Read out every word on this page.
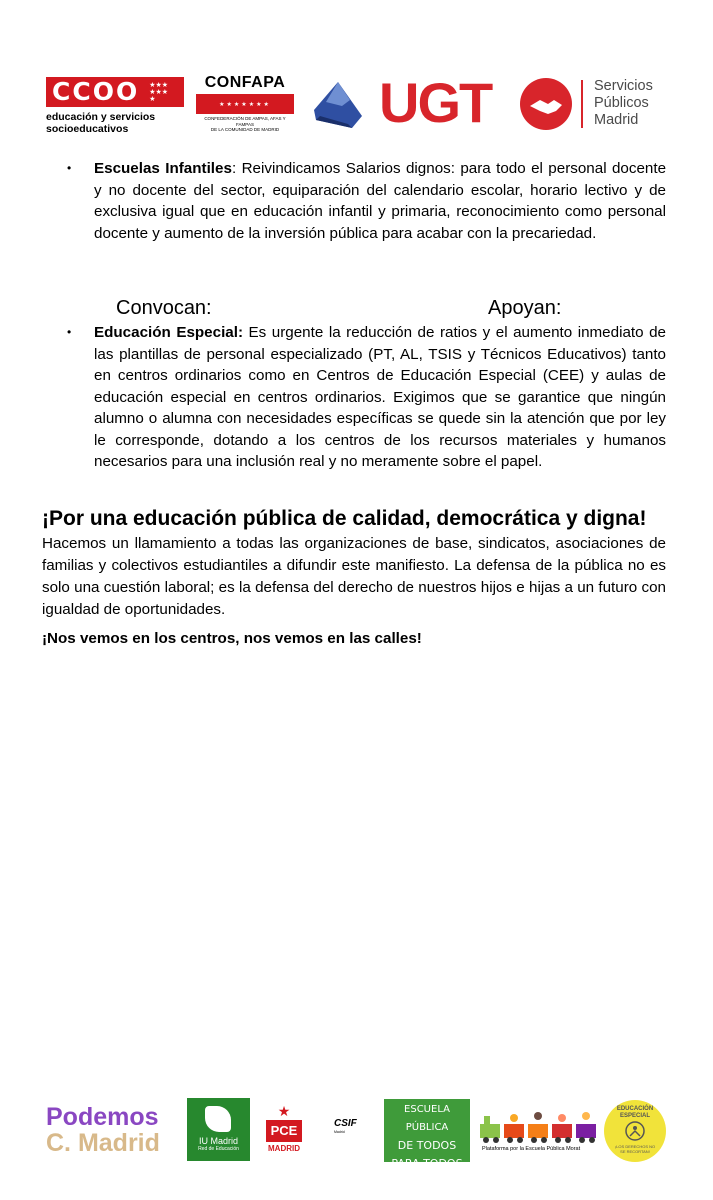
CCOO ★★★★★★★
educación y servicios
socioeducativos
CONFAPA
★★★★★★★
CONFEDERACIÓN DE AMPAS, AFAS Y FAMPAS
DE LA COMUNIDAD DE MADRID UGT	Servicios
Públicos
Madrid
• Escuelas Infantiles: Reivindicamos Salarios dignos: para todo el personal docente y no docente del sector, equiparación del calendario escolar, horario lectivo y de exclusiva igual que en educación infantil y primaria, reconocimiento como personal docente y aumento de la inversión pública para acabar con la precariedad.
Convocan:	Apoyan:
• Educación Especial: Es urgente la reducción de ratios y el aumento inmediato de las plantillas de personal especializado (PT, AL, TSIS y Técnicos Educativos) tanto en centros ordinarios como en Centros de Educación Especial (CEE) y aulas de educación especial en centros ordinarios. Exigimos que se garantice que ningún alumno o alumna con necesidades específicas se quede sin la atención que por ley le corresponde, dotando a los centros de los recursos materiales y humanos necesarios para una inclusión real y no meramente sobre el papel.
¡Por una educación pública de calidad, democrática y digna!
Hacemos un llamamiento a todas las organizaciones de base, sindicatos, asociaciones de familias y colectivos estudiantiles a difundir este manifiesto. La defensa de la pública no es solo una cuestión laboral; es la defensa del derecho de nuestros hijos e hijas a un futuro con igualdad de oportunidades.
¡Nos vemos en los centros, nos vemos en las calles!
Podemos
C. Madrid	IU Madrid
Red de Educación
★
PCE
MADRID
CSIF
Madrid
ESCUELA PÚBLICA
DE TODOS
PARA TODOS
Plataforma por la Escuela Pública Morat
EDUCACIÓN ESPECIAL
¡LOS DERECHOS NO SE RECORTAN!
